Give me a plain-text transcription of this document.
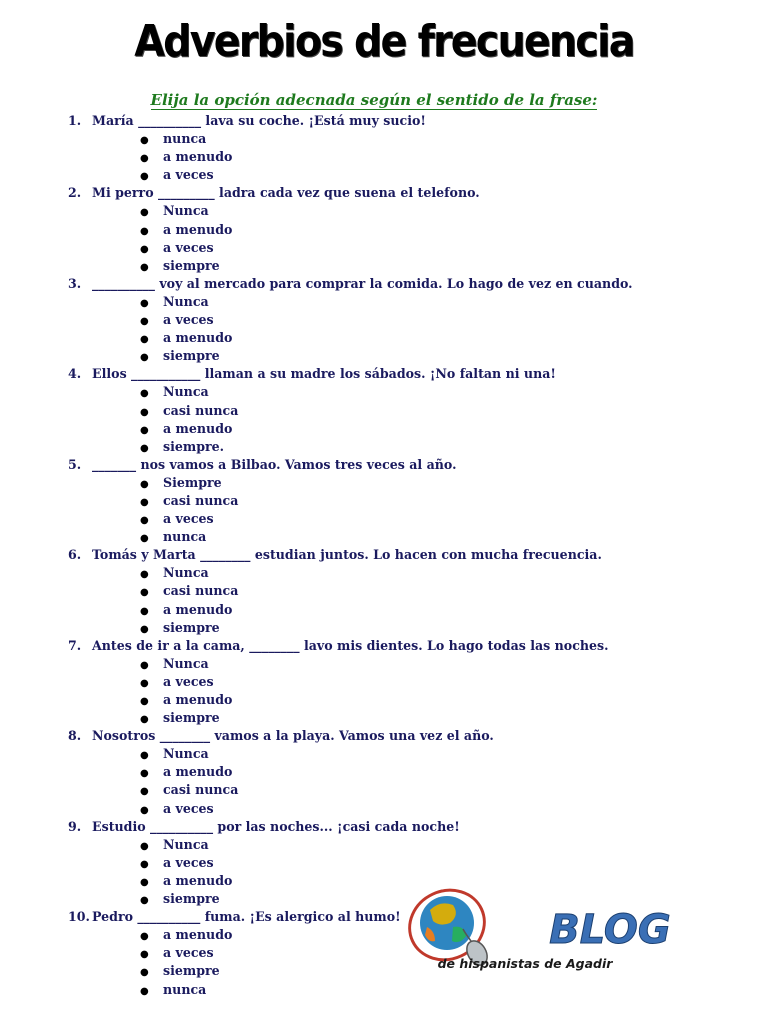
Adverbios de frecuencia
Elija la opción adecnada según el sentido de la frase:
1. María __________ lava su coche. ¡Está muy sucio!
● nunca
● a menudo
● a veces
2. Mi perro _________ ladra cada vez que suena el telefono.
● Nunca
● a menudo
● a veces
● siempre
3. __________ voy al mercado para comprar la comida. Lo hago de vez en cuando.
● Nunca
● a veces
● a menudo
● siempre
4. Ellos ___________ llaman a su madre los sábados. ¡No faltan ni una!
● Nunca
● casi nunca
● a menudo
● siempre.
5. _______ nos vamos a Bilbao. Vamos tres veces al año.
● Siempre
● casi nunca
● a veces
● nunca
6. Tomás y Marta ________ estudian juntos. Lo hacen con mucha frecuencia.
● Nunca
● casi nunca
● a menudo
● siempre
7. Antes de ir a la cama, ________ lavo mis dientes. Lo hago todas las noches.
● Nunca
● a veces
● a menudo
● siempre
8. Nosotros ________ vamos a la playa. Vamos una vez el año.
● Nunca
● a menudo
● casi nunca
● a veces
9. Estudio __________ por las noches... ¡casi cada noche!
● Nunca
● a veces
● a menudo
● siempre
10. Pedro __________ fuma. ¡Es alergico al humo!
● a menudo
● a veces
● siempre
● nunca
BLOG
de hispanistas de Agadir
